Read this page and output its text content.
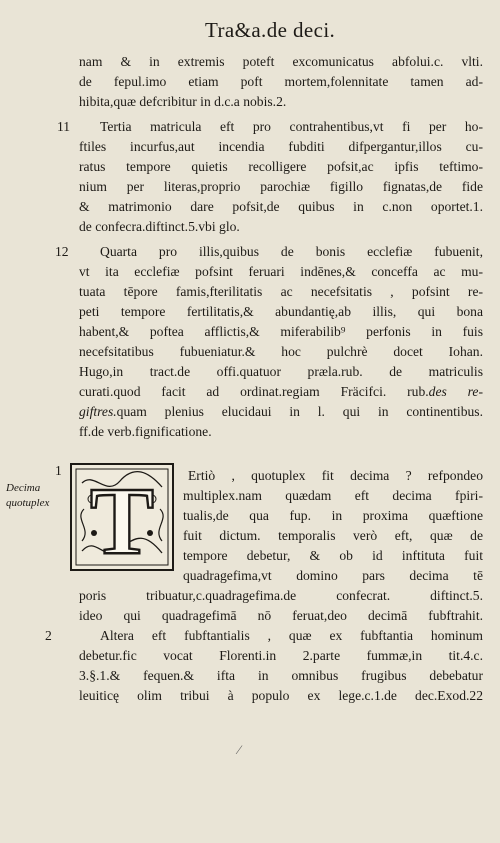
Tra&a.de deci.
nam & in extremis poteft excomunicatus abfolui.c. vlti.
de fepul.imo etiam poft mortem,folennitate tamen ad-
hibita,quæ defcribitur in d.c.a nobis.2.
11 Tertia matricula eft pro contrahentibus,vt fi per ho-
ftiles incurfus,aut incendia fubditi difpergantur,illos cu-
ratus tempore quietis recolligere pofsit,ac ipfis teftimo-
nium per literas,proprio parochiæ figillo fignatas,de fide
& matrimonio dare pofsit,de quibus in c.non oportet.1.
de confecra.diftinct.5.vbi glo.
12 Quarta pro illis,quibus de bonis ecclefiæ fubuenit,
vt ita ecclefiæ pofsint feruari indēnes,& conceffa ac mu-
tuata tēpore famis,fterilitatis ac necefsitatis , pofsint re-
peti tempore fertilitatis,& abundantię,ab illis, qui bona
habent,& poftea afflictis,& miferabilib⁹ perfonis in fuis
necefsitatibus fubueniatur.& hoc pulchrè docet Iohan.
Hugo,in tract.de offi.quatuor præla.rub. de matriculis
curati.quod facit ad ordinat.regiam Fräcifci. rub.des re-
giftres.quam plenius elucidaui in l. qui in continentibus.
ff.de verb.fignificatione.
T
1
Decima
quotuplex
Ertiò , quotuplex fit decima ? refpondeo
multiplex.nam quædam eft decima fpiri-
tualis,de qua fup. in proxima quæftione
fuit dictum. temporalis verò eft, quæ de
tempore debetur, & ob id inftituta fuit
quadragefima,vt domino pars decima tē
poris tribuatur,c.quadragefima.de confecrat. diftinct.5.
ideo qui quadragefimā nō feruat,deo decimā fubftrahit.
2	Altera eft fubftantialis , quæ ex fubftantia hominum
debetur.fic vocat Florenti.in 2.parte fummæ,in tit.4.c.
3.§.1.& fequen.& ifta in omnibus frugibus debebatur
leuiticę olim tribui à populo ex lege.c.1.de dec.Exod.22
⁄
